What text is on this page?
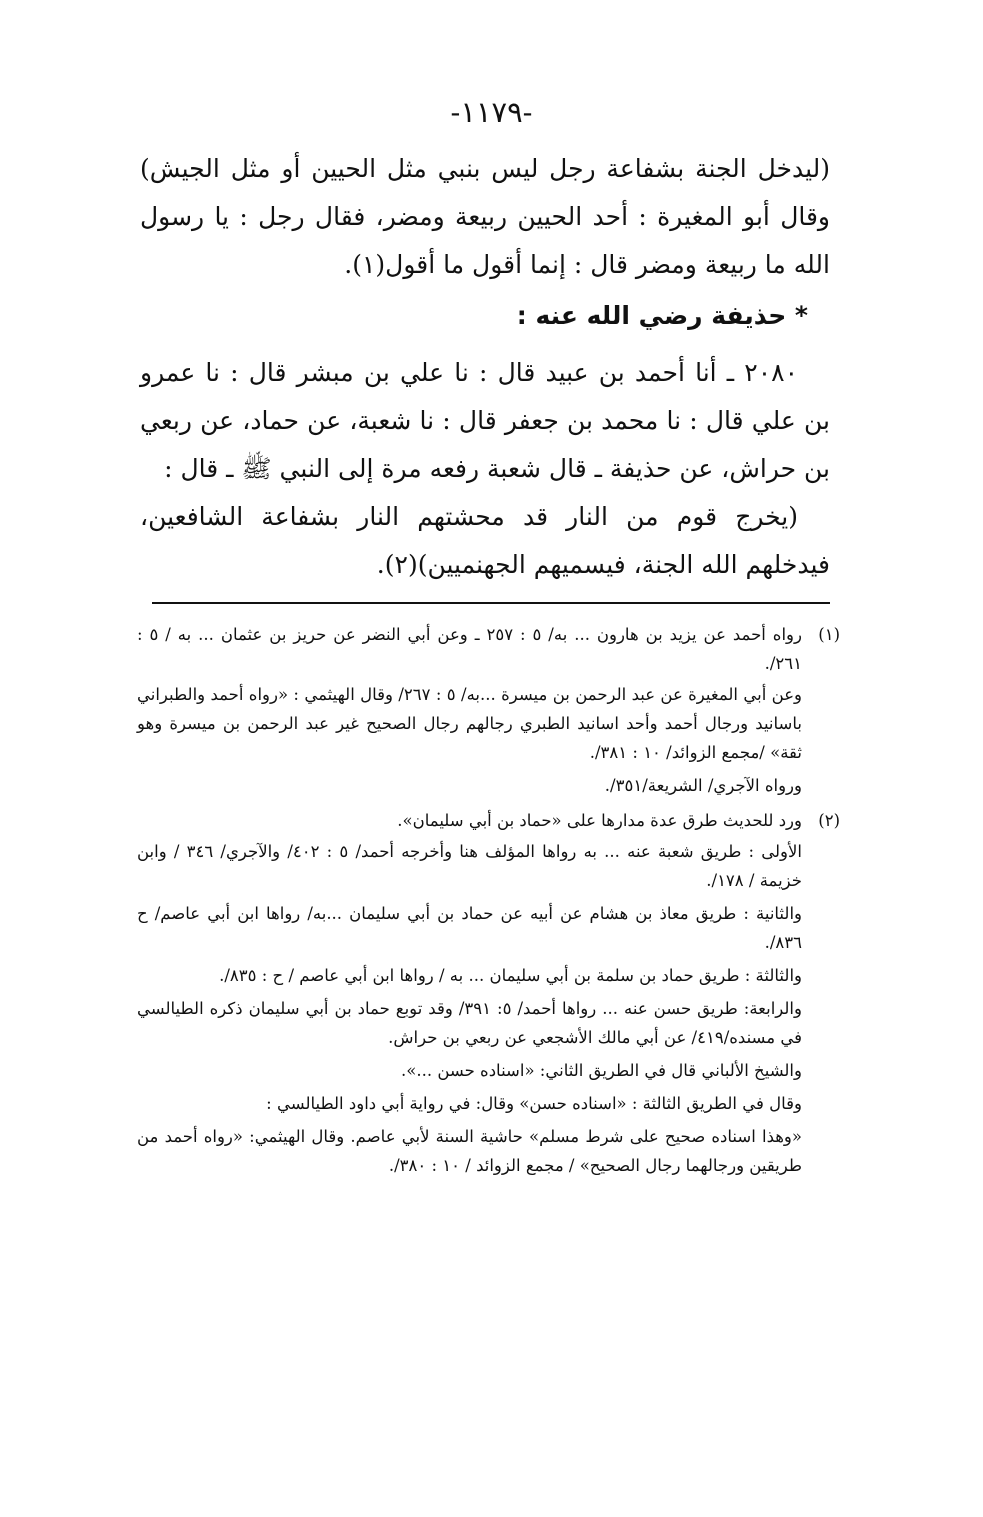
-١١٧٩-

(ليدخل الجنة بشفاعة رجل ليس بنبي مثل الحيين أو مثل الجيش) وقال أبو المغيرة : أحد الحيين ربيعة ومضر، فقال رجل : يا رسول الله ما ربيعة ومضر قال : إنما أقول ما أقول(١).

* حذيفة رضي الله عنه :

٢٠٨٠ ـ أنا أحمد بن عبيد قال : نا علي بن مبشر قال : نا عمرو بن علي قال : نا محمد بن جعفر قال : نا شعبة، عن حماد، عن ربعي بن حراش، عن حذيفة ـ قال شعبة رفعه مرة إلى النبي ﷺ ـ قال :

(يخرج قوم من النار قد محشتهم النار بشفاعة الشافعين، فيدخلهم الله الجنة، فيسميهم الجهنميين)(٢).

(١)

رواه أحمد عن يزيد بن هارون ... به/ ٥ : ٢٥٧ ـ وعن أبي النضر عن حريز بن عثمان ... به / ٥ : ٢٦١/.

وعن أبي المغيرة عن عبد الرحمن بن ميسرة ...به/ ٥ : ٢٦٧/ وقال الهيثمي : «رواه أحمد والطبراني باسانيد ورجال أحمد وأحد اسانيد الطبري رجالهم رجال الصحيح غير عبد الرحمن بن ميسرة وهو ثقة» /مجمع الزوائد/ ١٠ : ٣٨١/.

ورواه الآجري/ الشريعة/٣٥١/.

(٢)

ورد للحديث طرق عدة مدارها على «حماد بن أبي سليمان».

الأولى : طريق شعبة عنه ... به رواها المؤلف هنا وأخرجه أحمد/ ٥ : ٤٠٢/ والآجري/ ٣٤٦ / وابن خزيمة / ١٧٨/.

والثانية : طريق معاذ بن هشام عن أبيه عن حماد بن أبي سليمان ...به/ رواها ابن أبي عاصم/ ح ٨٣٦/.

والثالثة : طريق حماد بن سلمة بن أبي سليمان ... به / رواها ابن أبي عاصم / ح : ٨٣٥/.

والرابعة: طريق حسن عنه ... رواها أحمد/ ٥: ٣٩١/ وقد توبع حماد بن أبي سليمان ذكره الطيالسي في مسنده/٤١٩/ عن أبي مالك الأشجعي عن ربعي بن حراش.

والشيخ الألباني قال في الطريق الثاني: «اسناده حسن ...».

وقال في الطريق الثالثة : «اسناده حسن» وقال: في رواية أبي داود الطيالسي :

«وهذا اسناده صحيح على شرط مسلم» حاشية السنة لأبي عاصم. وقال الهيثمي: «رواه أحمد من طريقين ورجالهما رجال الصحيح» / مجمع الزوائد / ١٠ : ٣٨٠/.
